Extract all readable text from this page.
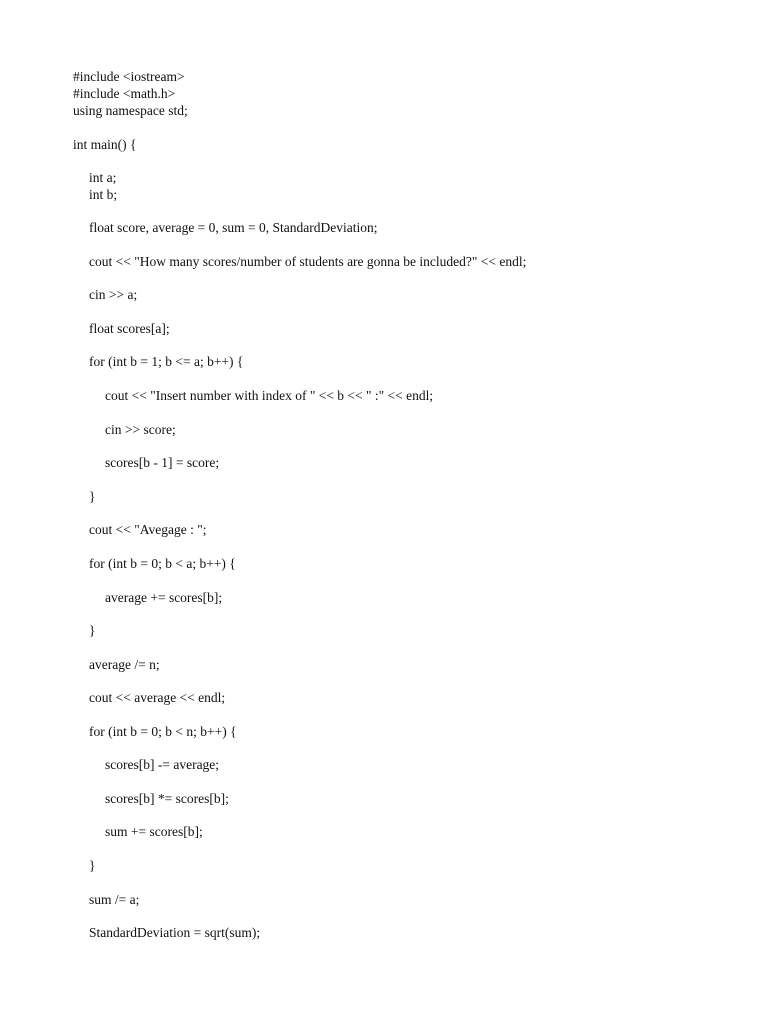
#include <iostream>
#include <math.h>
using namespace std;
int main() {
int a;
int b;
float score, average = 0, sum = 0, StandardDeviation;
cout << "How many scores/number of students are gonna be included?" << endl;
cin >> a;
float scores[a];
for (int b = 1; b <= a; b++) {
cout << "Insert number with index of " << b << " :" << endl;
cin >> score;
scores[b - 1] = score;
}
cout << "Avegage : ";
for (int b = 0; b < a; b++) {
average += scores[b];
}
average /= n;
cout << average << endl;
for (int b = 0; b < n; b++) {
scores[b] -= average;
scores[b] *= scores[b];
sum += scores[b];
}
sum /= a;
StandardDeviation = sqrt(sum);
